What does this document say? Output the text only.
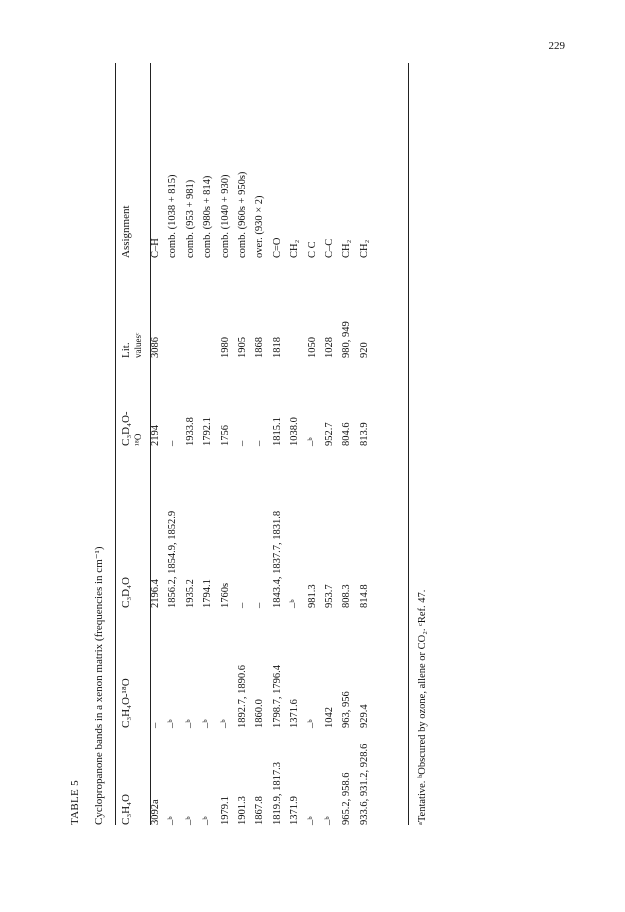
229
TABLE 5 Cyclopropanone bands in a xenon matrix (frequencies in cm⁻¹) C₃H₄O	C₃H₄O-¹⁸O	C₃D₄O	C₃D₄O- ¹⁸O	Lit. valuesᶜ	Assignment

3092a	–	2196.4	2194	3086	C–H
–ᵇ	–ᵇ	1856.2, 1854.9, 1852.9	–		comb. (1038 + 815)
–ᵇ	–ᵇ	1935.2	1933.8		comb. (953 + 981)
–ᵇ	–ᵇ	1794.1	1792.1		comb. (980s + 814)
1979.1	–ᵇ	1760s	1756	1980	comb. (1040 + 930)
1901.3	1892.7, 1890.6	–	–	1905	comb. (960s + 950s)
1867.8	1860.0	–	–	1868	over. (930 × 2)
1819.9, 1817.3	1798.7, 1796.4	1843.4, 1837.7, 1831.8	1815.1	1818	C=O
1371.9	1371.6	–ᵇ	1038.0		CH₂
–ᵇ	–ᵇ	981.3	–ᵇ	1050	C C
–ᵇ	1042	953.7	952.7	1028	C–C
965.2, 958.6	963, 956	808.3	804.6	980, 949	CH₂
933.6, 931.2, 928.6	929.4	814.8	813.9	920	CH₂
ᵃTentative. ᵇObscured by ozone, allene or CO₂. ᶜRef. 47.
